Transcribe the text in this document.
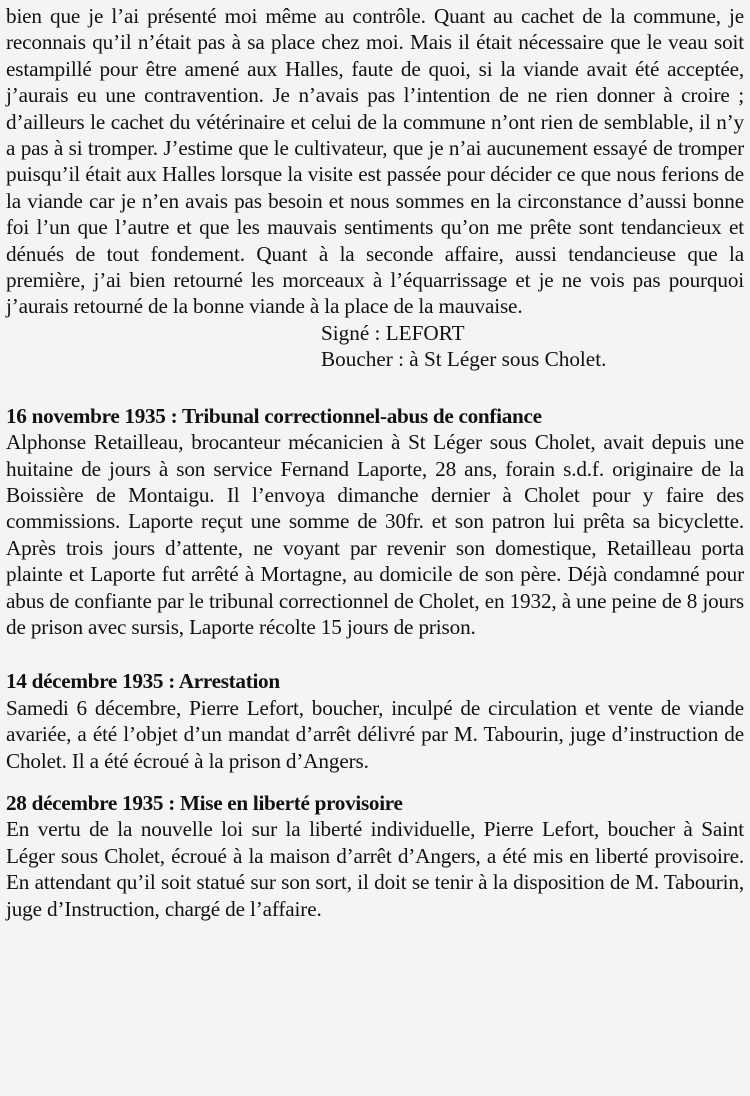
bien que je l’ai présenté moi même au contrôle. Quant au cachet de la commune, je reconnais qu’il n’était pas à sa place chez moi. Mais il était nécessaire que le veau soit estampillé pour être amené aux Halles, faute de quoi, si la viande avait été acceptée, j’aurais eu une contravention. Je n’avais pas l’intention de ne rien donner à croire ; d’ailleurs le cachet du vétérinaire et celui de la commune n’ont rien de semblable, il n’y a pas à si tromper. J’estime que le cultivateur, que je n’ai aucunement essayé de tromper puisqu’il était aux Halles lorsque la visite est passée pour décider ce que nous ferions de la viande car je n’en avais pas besoin et nous sommes en la circonstance d’aussi bonne foi l’un que l’autre et que les mauvais sentiments qu’on me prête sont tendancieux et dénués de tout fondement. Quant à la seconde affaire, aussi tendancieuse que la première, j’ai bien retourné les morceaux à l’équarrissage et je ne vois pas pourquoi j’aurais retourné de la bonne viande à la place de la mauvaise.

Signé : LEFORT
Boucher : à St Léger sous Cholet.
16 novembre 1935 : Tribunal correctionnel-abus de confiance

Alphonse Retailleau, brocanteur mécanicien à St Léger sous Cholet, avait depuis une huitaine de jours à son service Fernand Laporte, 28 ans, forain s.d.f. originaire de la Boissière de Montaigu. Il l’envoya dimanche dernier à Cholet pour y faire des commissions. Laporte reçut une somme de 30fr. et son patron lui prêta sa bicyclette. Après trois jours d’attente, ne voyant par revenir son domestique, Retailleau porta plainte et Laporte fut arrêté à Mortagne, au domicile de son père. Déjà condamné pour abus de confiante par le tribunal correctionnel de Cholet, en 1932, à une peine de 8 jours de prison avec sursis, Laporte récolte 15 jours de prison.

14 décembre 1935 : Arrestation

Samedi 6 décembre, Pierre Lefort, boucher, inculpé de circulation et vente de viande avariée, a été l’objet d’un mandat d’arrêt délivré par M. Tabourin, juge d’instruction de Cholet. Il a été écroué à la prison d’Angers.

28 décembre 1935 : Mise en liberté provisoire

En vertu de la nouvelle loi sur la liberté individuelle, Pierre Lefort, boucher à Saint Léger sous Cholet, écroué à la maison d’arrêt d’Angers, a été mis en liberté provisoire. En attendant qu’il soit statué sur son sort, il doit se tenir à la disposition de M. Tabourin, juge d’Instruction, chargé de l’affaire.
